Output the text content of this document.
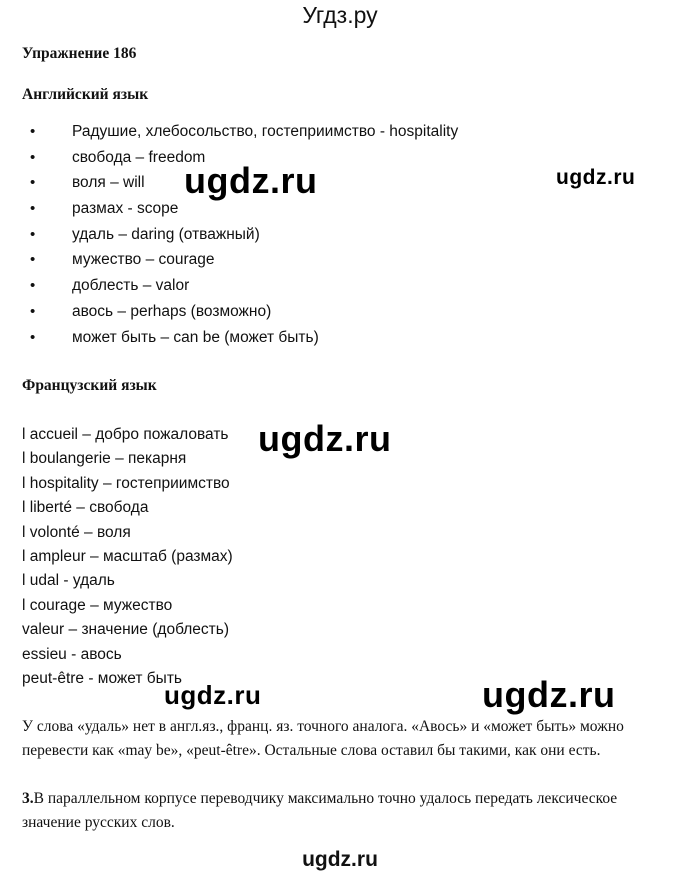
Угдз.ру
Упражнение 186
Английский язык
•	Радушие, хлебосольство, гостеприимство - hospitality
•	свобода – freedom
•	воля – will
•	размах - scope
•	удаль – daring (отважный)
•	мужество – courage
•	доблесть – valor
•	авось – perhaps (возможно)
•	может быть – can be (может быть)
ugdz.ru	ugdz.ru
Французский язык
l accueil – добро пожаловать
l boulangerie – пекарня
l hospitality – гостеприимство
l liberté – свобода
l volonté – воля
l ampleur – масштаб (размах)
l udal - удаль
l courage – мужество
valeur – значение (доблесть)
essieu - авось
peut-être - может быть
ugdz.ru
ugdz.ru	ugdz.ru
У слова «удаль» нет в англ.яз., франц. яз. точного аналога. «Авось» и «может быть» можно перевести как «may be», «peut-être». Остальные слова оставил бы такими, как они есть.
3.В параллельном корпусе переводчику максимально точно удалось передать лексическое значение русских слов.
ugdz.ru
